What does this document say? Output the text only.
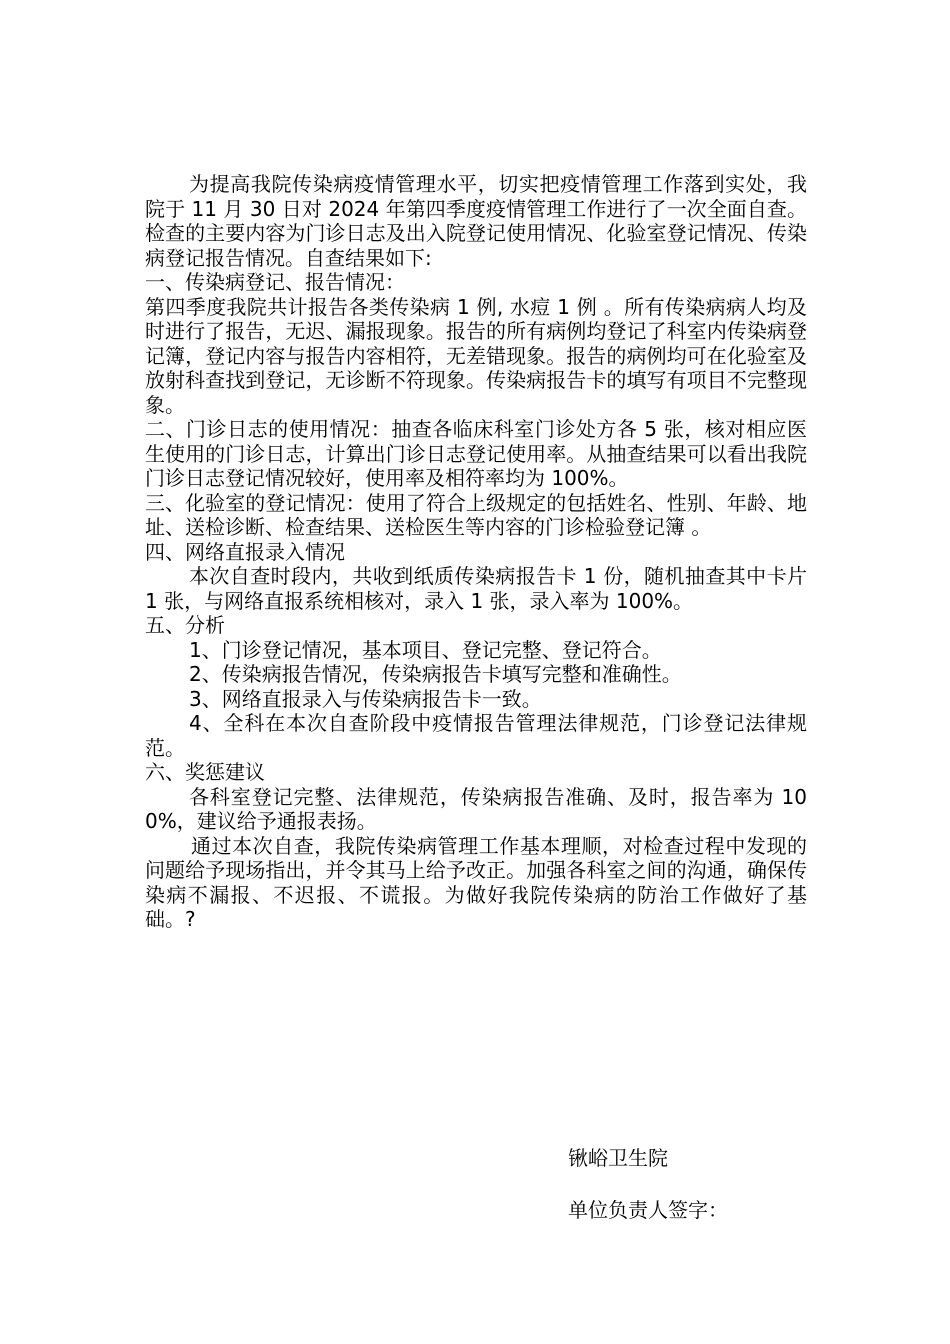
为提高我院传染病疫情管理水平，切实把疫情管理工作落到实处，我院于 11 月 30 日对 2024 年第四季度疫情管理工作进行了一次全面自查。检查的主要内容为门诊日志及出入院登记使用情况、化验室登记情况、传染病登记报告情况。自查结果如下:

一、传染病登记、报告情况：

第四季度我院共计报告各类传染病 1 例, 水痘 1 例 。所有传染病病人均及时进行了报告，无迟、漏报现象。报告的所有病例均登记了科室内传染病登记簿，登记内容与报告内容相符，无差错现象。报告的病例均可在化验室及放射科查找到登记，无诊断不符现象。传染病报告卡的填写有项目不完整现象。

二、门诊日志的使用情况：抽查各临床科室门诊处方各 5 张，核对相应医生使用的门诊日志，计算出门诊日志登记使用率。从抽查结果可以看出我院门诊日志登记情况较好，使用率及相符率均为 100%。

三、化验室的登记情况：使用了符合上级规定的包括姓名、性别、年龄、地址、送检诊断、检查结果、送检医生等内容的门诊检验登记簿 。

四、网络直报录入情况

本次自查时段内，共收到纸质传染病报告卡 1 份，随机抽查其中卡片 1 张，与网络直报系统相核对，录入 1 张，录入率为 100%。

五、分析

1、门诊登记情况，基本项目、登记完整、登记符合。

2、传染病报告情况，传染病报告卡填写完整和准确性。

3、网络直报录入与传染病报告卡一致。

4、全科在本次自查阶段中疫情报告管理法律规范，门诊登记法律规范。

六、奖惩建议

各科室登记完整、法律规范，传染病报告准确、及时，报告率为 100%，建议给予通报表扬。

通过本次自查，我院传染病管理工作基本理顺，对检查过程中发现的问题给予现场指出，并令其马上给予改正。加强各科室之间的沟通，确保传染病不漏报、不迟报、不谎报。为做好我院传染病的防治工作做好了基础。?

锹峪卫生院
单位负责人签字：
